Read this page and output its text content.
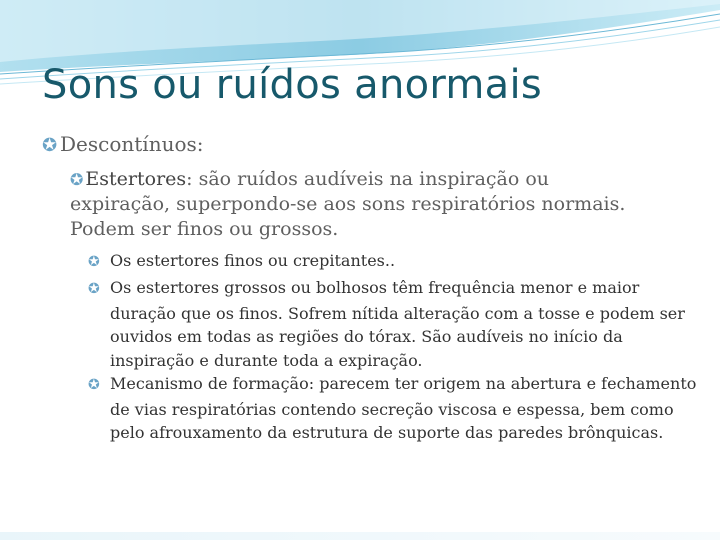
Sons ou ruídos anormais
✪ Descontínuos:
✪ Estertores: são ruídos audíveis na inspiração ou expiração, superpondo-se aos sons respiratórios normais. Podem ser finos ou grossos.
✪ Os estertores finos ou crepitantes..
✪ Os estertores grossos ou bolhosos têm frequência menor e maior duração que os finos. Sofrem nítida alteração com a tosse e podem ser ouvidos em todas as regiões do tórax. São audíveis no início da inspiração e durante toda a expiração.
✪ Mecanismo de formação: parecem ter origem na abertura e fechamento de vias respiratórias contendo secreção viscosa e espessa, bem como pelo afrouxamento da estrutura de suporte das paredes brônquicas.
